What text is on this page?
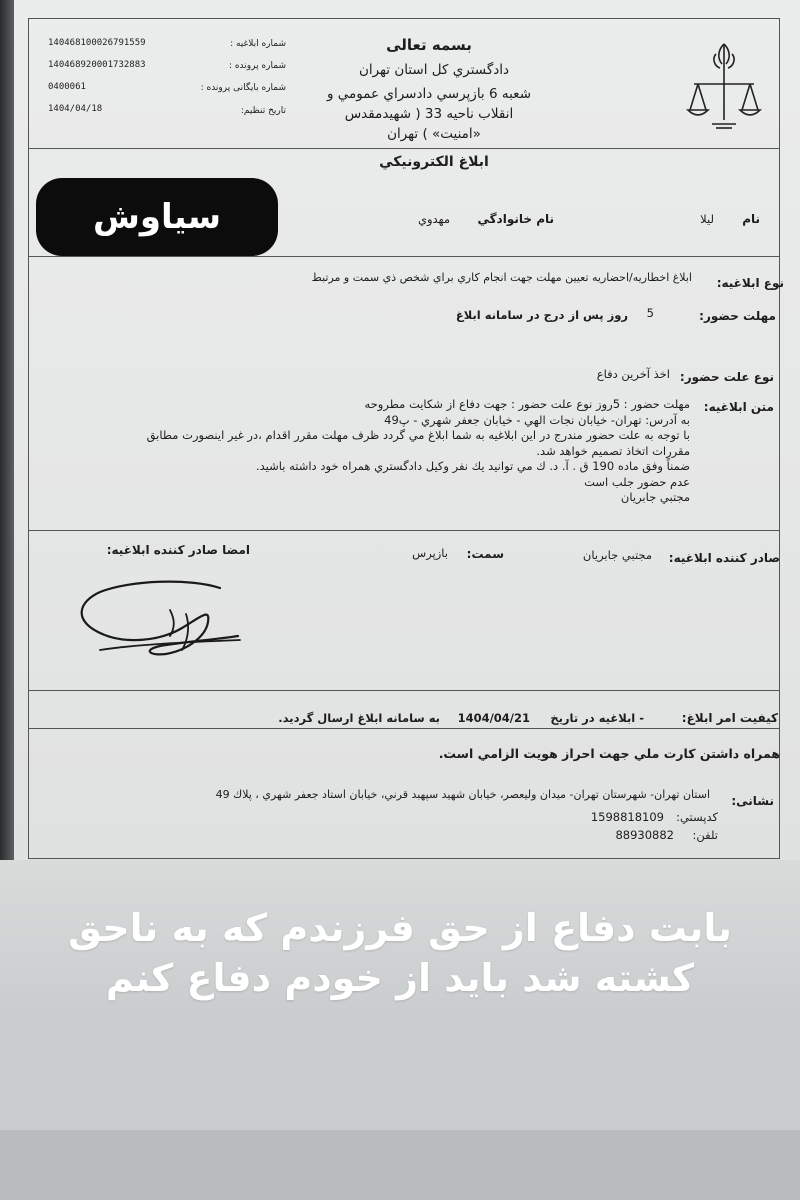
140468100026791559	شماره ابلاغیه :
140468920001732883	شماره پرونده :
0400061	شماره بایگانی پرونده :
1404/04/18	تاریخ تنظیم:
بسمه تعالی
دادگستري كل استان تهران
شعبه 6 بازپرسي دادسراي عمومي و
انقلاب ناحيه 33 ( شهيدمقدس
«امنيت» ) تهران
ابلاغ الكترونيكي
نام
ليلا
نام خانوادگي
مهدوي
نوع ابلاغیه:
ابلاغ اخطاريه/احضاريه تعيين مهلت جهت انجام كاري براي شخص ذي سمت و مرتبط
مهلت حضور:
5
روز پس از درج در سامانه ابلاغ
نوع علت حضور:
اخذ آخرين دفاع
متن ابلاغیه:
مهلت حضور : 5روز نوع علت حضور : جهت دفاع از شكايت مطروحه
به آدرس: تهران- خيابان نجات الهي - خيابان جعفر شهري - پ49
با توجه به علت حضور مندرج در اين ابلاغيه به شما ابلاغ مي گردد ظرف مهلت مقرر اقدام ،در غير اينصورت مطابق
مقررات اتخاذ تصميم خواهد شد.
ضمناً وفق ماده 190 ق . آ. د. ك مي توانيد يك نفر وكيل دادگستري همراه خود داشته باشيد.
عدم حضور جلب است
مجتبي جابريان
صادر كننده ابلاغیه:
مجتبي جابريان
سمت:
بازپرس
امضا صادر كننده ابلاغیه:
كيفيت امر ابلاغ:
- ابلاغيه در تاريخ
1404/04/21
به سامانه ابلاغ ارسال گرديد.
همراه داشتن كارت ملي جهت احراز هويت الزامي است.
نشانی:
استان تهران- شهرستان تهران- ميدان وليعصر، خيابان شهيد سپهبد قرني، خيابان استاد جعفر شهري ، پلاك 49
كدپستي:
1598818109
تلفن:
88930882
سیاوش
بابت دفاع از حق فرزندم که به ناحق
کشته شد باید از خودم دفاع کنم
